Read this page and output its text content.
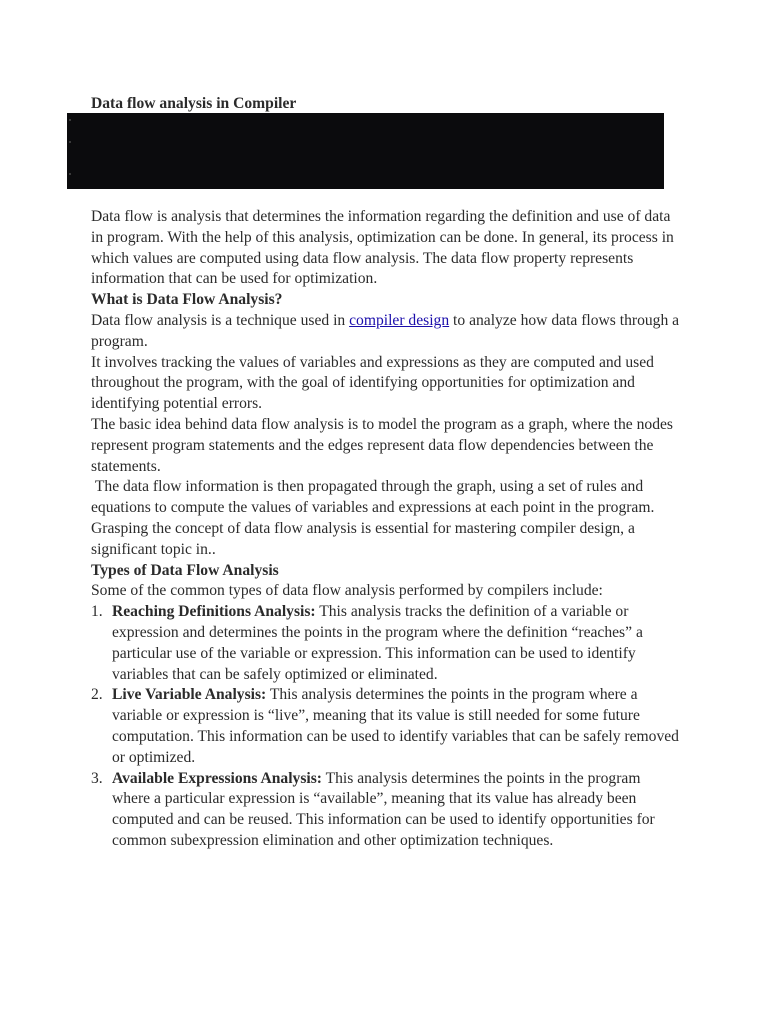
Data flow analysis in Compiler

Data flow is analysis that determines the information regarding the definition and use of data in program. With the help of this analysis, optimization can be done. In general, its process in which values are computed using data flow analysis. The data flow property represents information that can be used for optimization.

What is Data Flow Analysis?

Data flow analysis is a technique used in compiler design to analyze how data flows through a program.

It involves tracking the values of variables and expressions as they are computed and used throughout the program, with the goal of identifying opportunities for optimization and identifying potential errors.

The basic idea behind data flow analysis is to model the program as a graph, where the nodes represent program statements and the edges represent data flow dependencies between the statements.

The data flow information is then propagated through the graph, using a set of rules and equations to compute the values of variables and expressions at each point in the program.

Grasping the concept of data flow analysis is essential for mastering compiler design, a significant topic in..

Types of Data Flow Analysis

Some of the common types of data flow analysis performed by compilers include:

1. Reaching Definitions Analysis: This analysis tracks the definition of a variable or expression and determines the points in the program where the definition “reaches” a particular use of the variable or expression. This information can be used to identify variables that can be safely optimized or eliminated.
2. Live Variable Analysis: This analysis determines the points in the program where a variable or expression is “live”, meaning that its value is still needed for some future computation. This information can be used to identify variables that can be safely removed or optimized.
3. Available Expressions Analysis: This analysis determines the points in the program where a particular expression is “available”, meaning that its value has already been computed and can be reused. This information can be used to identify opportunities for common subexpression elimination and other optimization techniques.
